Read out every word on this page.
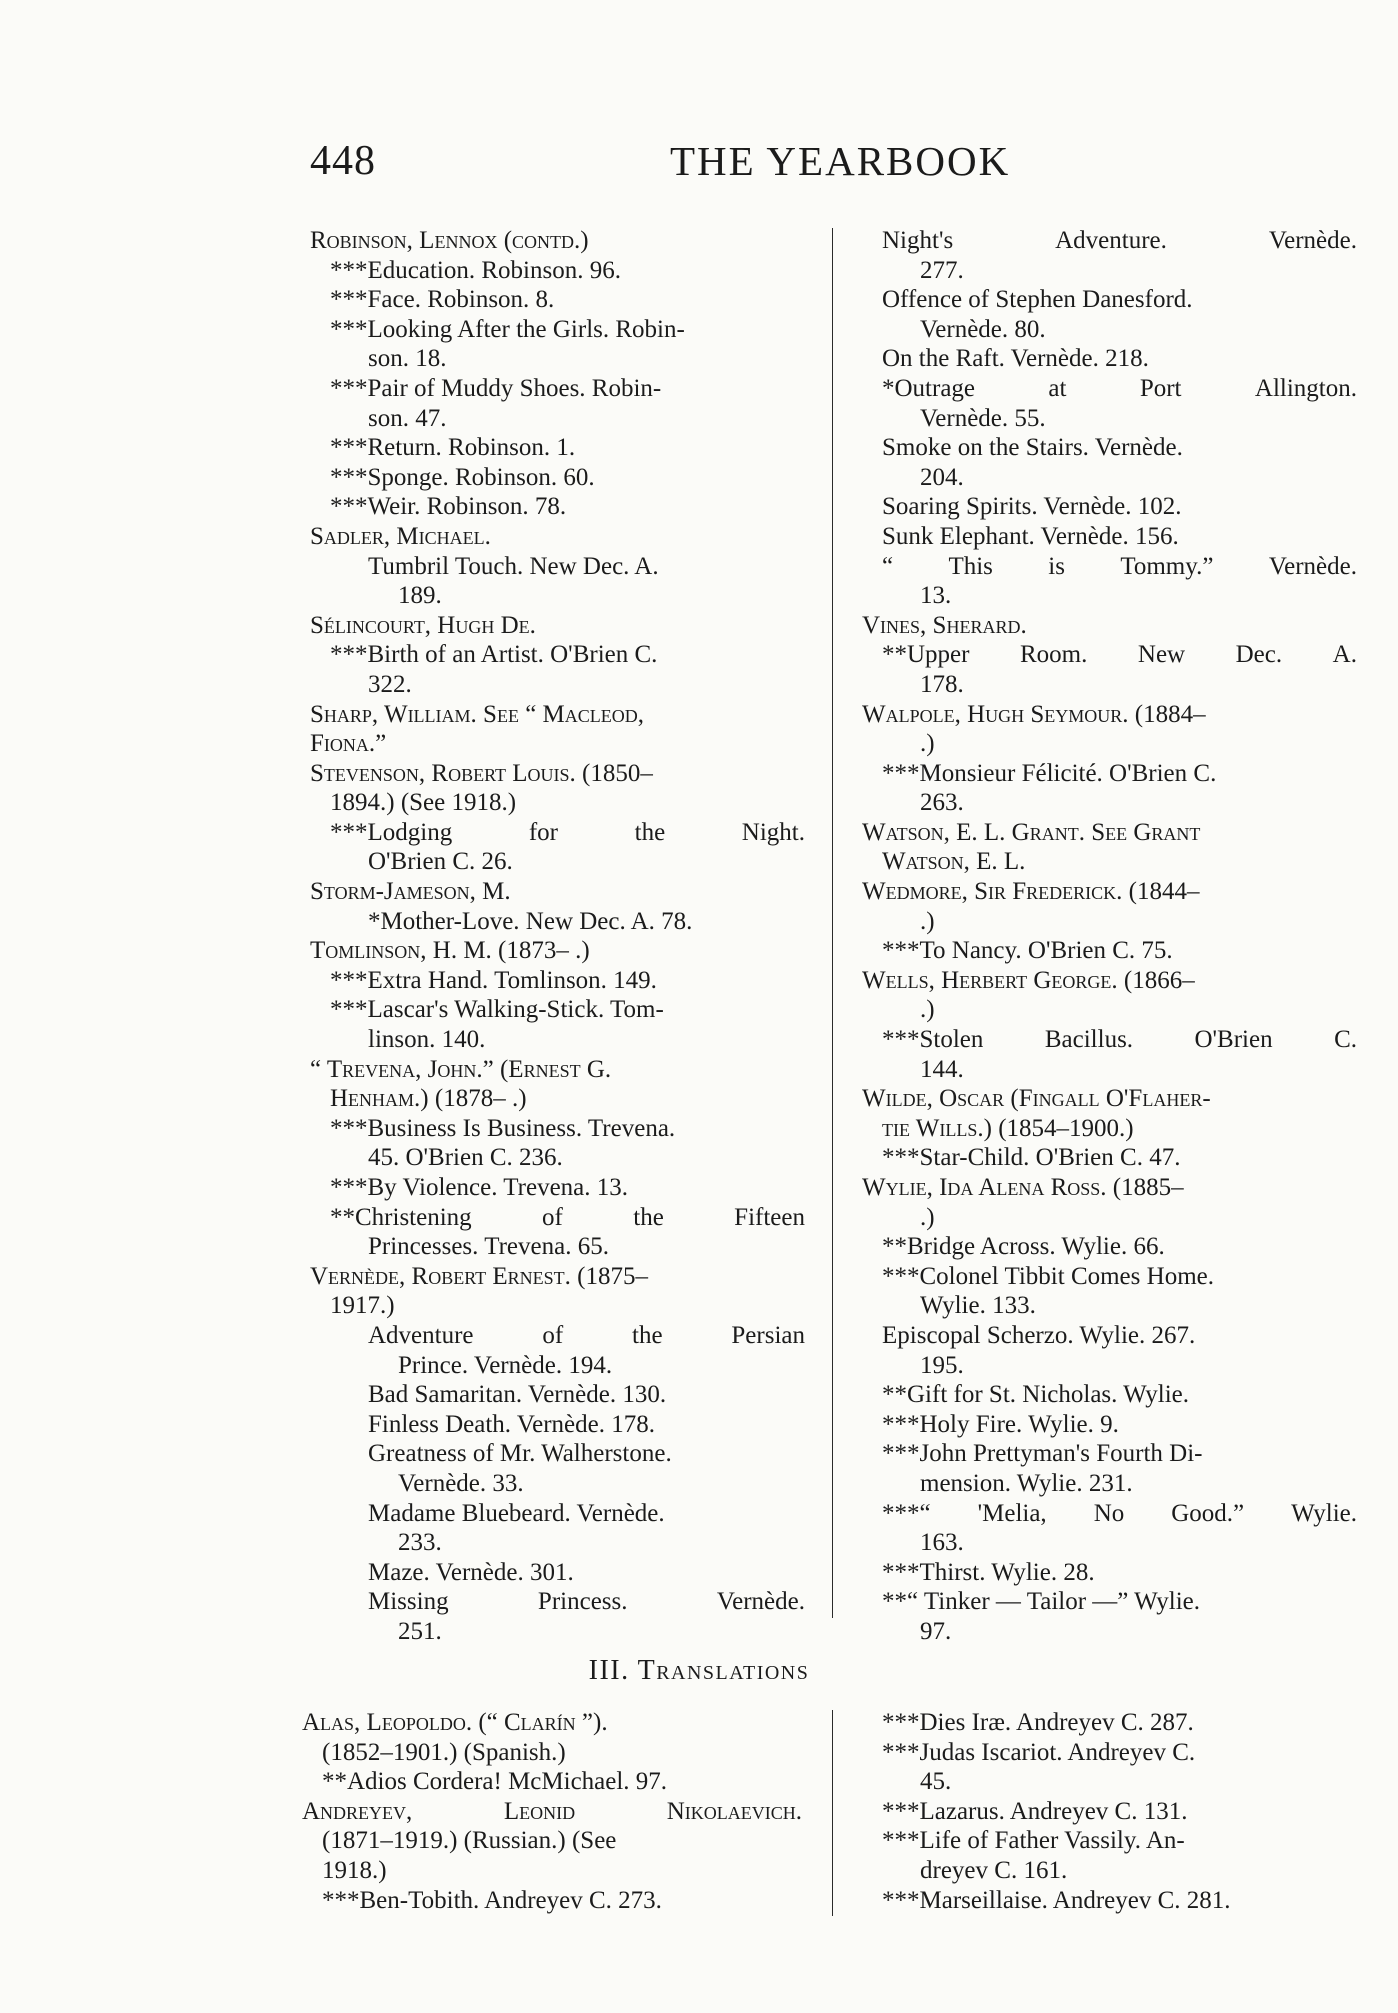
448	THE YEARBOOK
Robinson, Lennox (contd.)
***Education. Robinson. 96.
***Face. Robinson. 8.
***Looking After the Girls. Robin-
son. 18.
***Pair of Muddy Shoes. Robin-
son. 47.
***Return. Robinson. 1.
***Sponge. Robinson. 60.
***Weir. Robinson. 78.
Sadler, Michael.
Tumbril Touch. New Dec. A.
189.
Sélincourt, Hugh De.
***Birth of an Artist. O'Brien C.
322.
Sharp, William. See “ Macleod,
Fiona.”
Stevenson, Robert Louis. (1850–
1894.) (See 1918.)
***Lodging	for	the	Night.
O'Brien C. 26.
Storm-Jameson, M.
*Mother-Love. New Dec. A. 78.
Tomlinson, H. M. (1873– .)
***Extra Hand. Tomlinson. 149.
***Lascar's Walking-Stick. Tom-
linson. 140.
“ Trevena, John.” (Ernest G.
Henham.) (1878– .)
***Business Is Business. Trevena.
45. O'Brien C. 236.
***By Violence. Trevena. 13.
**Christening	of	the	Fifteen
Princesses. Trevena. 65.
Vernède, Robert Ernest. (1875–
1917.)
Adventure	of	the	Persian
Prince. Vernède. 194.
Bad Samaritan. Vernède. 130.
Finless Death. Vernède. 178.
Greatness of Mr. Walherstone.
Vernède. 33.
Madame Bluebeard. Vernède.
233.
Maze. Vernède. 301.
Missing	Princess.	Vernède.
251.
Night's	Adventure.	Vernède.
277.
Offence of Stephen Danesford.
Vernède. 80.
On the Raft. Vernède. 218.
*Outrage	at	Port	Allington.
Vernède. 55.
Smoke on the Stairs. Vernède.
204.
Soaring Spirits. Vernède. 102.
Sunk Elephant. Vernède. 156.
“ This is Tommy.” Vernède.
13.
Vines, Sherard.
**Upper Room. New Dec. A.
178.
Walpole, Hugh Seymour. (1884–
.)
***Monsieur Félicité. O'Brien C.
263.
Watson, E. L. Grant. See Grant
Watson, E. L.
Wedmore, Sir Frederick. (1844–
.)
***To Nancy. O'Brien C. 75.
Wells, Herbert George. (1866–
.)
***Stolen Bacillus. O'Brien C.
144.
Wilde, Oscar (Fingall O'Flaher-
tie Wills.) (1854–1900.)
***Star-Child. O'Brien C. 47.
Wylie, Ida Alena Ross. (1885–
.)
**Bridge Across. Wylie. 66.
***Colonel Tibbit Comes Home.
Wylie. 133.
Episcopal Scherzo. Wylie. 267.
195.
**Gift for St. Nicholas. Wylie.
***Holy Fire. Wylie. 9.
***John Prettyman's Fourth Di-
mension. Wylie. 231.
***“ 'Melia, No Good.” Wylie.
163.
***Thirst. Wylie. 28.
**“ Tinker — Tailor —” Wylie.
97.
III. Translations
Alas, Leopoldo. (“ Clarín ”).
(1852–1901.) (Spanish.)
**Adios Cordera! McMichael. 97.
Andreyev,	Leonid	Nikolaevich.
(1871–1919.) (Russian.) (See
1918.)
***Ben-Tobith. Andreyev C. 273.
***Dies Iræ. Andreyev C. 287.
***Judas Iscariot. Andreyev C.
45.
***Lazarus. Andreyev C. 131.
***Life of Father Vassily. An-
dreyev C. 161.
***Marseillaise. Andreyev C. 281.
